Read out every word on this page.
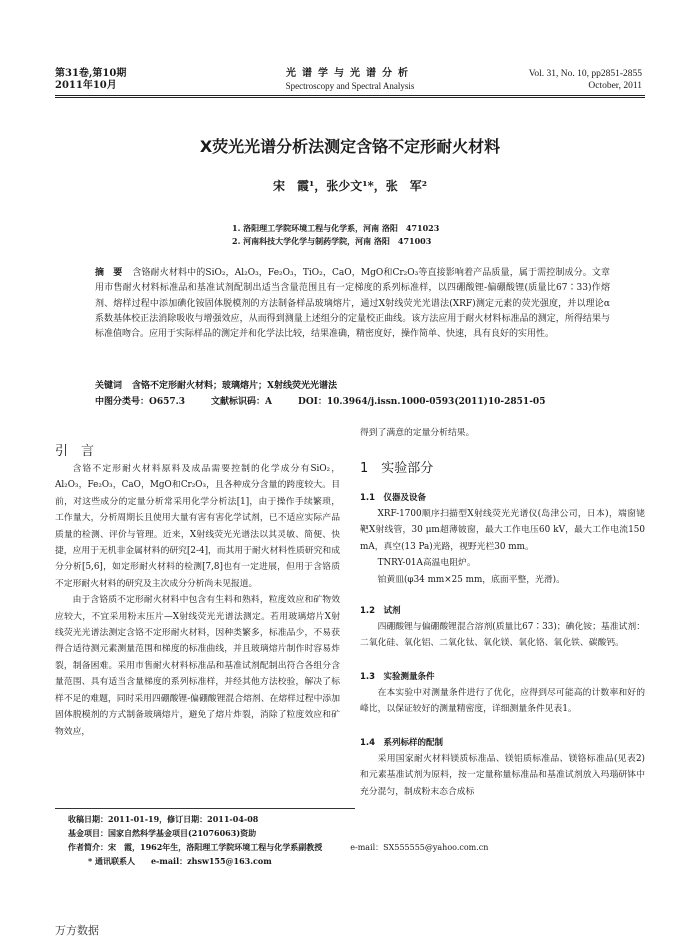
第31卷,第10期
2011年10月
光谱学与光谱分析
Spectroscopy and Spectral Analysis
Vol. 31, No. 10, pp2851-2855
October, 2011
X荧光光谱分析法测定含铬不定形耐火材料
宋　霞¹，张少文¹*，张　军²
1. 洛阳理工学院环境工程与化学系，河南 洛阳　471023
2. 河南科技大学化学与制药学院，河南 洛阳　471003
摘　要 含铬耐火材料中的SiO₂，Al₂O₃，Fe₂O₃，TiO₂，CaO，MgO和Cr₂O₃等直接影响着产品质量，属于需控制成分。文章用市售耐火材料标准品和基准试剂配制出适当含量范围且有一定梯度的系列标准样，以四硼酸锂-偏硼酸锂(质量比67∶33)作熔剂、熔样过程中添加碘化铵固体脱模剂的方法制备样品玻璃熔片，通过X射线荧光光谱法(XRF)测定元素的荧光强度，并以理论α系数基体校正法消除吸收与增强效应，从而得到测量上述组分的定量校正曲线。该方法应用于耐火材料标准品的测定，所得结果与标准值吻合。应用于实际样品的测定并和化学法比较，结果准确，精密度好，操作简单、快速，具有良好的实用性。
关键词 含铬不定形耐火材料；玻璃熔片；X射线荧光光谱法
中图分类号：O657.3	文献标识码：A	DOI：10.3964/j.issn.1000-0593(2011)10-2851-05
引　言

含铬不定形耐火材料原料及成品需要控制的化学成分有SiO₂，Al₂O₃，Fe₂O₃，CaO，MgO和Cr₂O₃，且各种成分含量的跨度较大。目前，对这些成分的定量分析常采用化学分析法[1]，由于操作手续繁琐，工作量大，分析周期长且使用大量有害有害化学试剂，已不适应实际产品质量的检测、评价与管理。近来，X射线荧光光谱法以其灵敏、简便、快捷，应用于无机非金属材料的研究[2-4]，而其用于耐火材料性质研究和成分分析[5,6]，如定形耐火材料的检测[7,8]也有一定进展，但用于含铬质不定形耐火材料的研究及主次成分分析尚未见报道。

由于含铬质不定形耐火材料中包含有生料和熟料，粒度效应和矿物效应较大，不宜采用粉末压片—X射线荧光光谱法测定。若用玻璃熔片X射线荧光光谱法测定含铬不定形耐火材料，因种类繁多，标准品少，不易获得合适待测元素测量范围和梯度的标准曲线，并且玻璃熔片制作时容易炸裂，制备困难。采用市售耐火材料标准品和基准试剂配制出符合各组分含量范围、具有适当含量梯度的系列标准样，并经其他方法校验，解决了标样不足的难题，同时采用四硼酸锂-偏硼酸锂混合熔剂、在熔样过程中添加固体脱模剂的方式制备玻璃熔片，避免了熔片炸裂，消除了粒度效应和矿物效应，

得到了满意的定量分析结果。
1　实验部分
1.1　仪器及设备

XRF-1700顺序扫描型X射线荧光光谱仪(岛津公司，日本)，端窗铑靶X射线管，30 μm超薄铍窗，最大工作电压60 kV，最大工作电流150 mA，真空(13 Pa)光路，视野光栏30 mm。

TNRY-01A高温电阻炉。

铂黄皿(φ34 mm×25 mm，底面平整，光滑)。

1.2　试剂

四硼酸锂与偏硼酸锂混合溶剂(质量比67∶33)；碘化铵；基准试剂：二氧化硅、氧化铝、二氧化钛、氧化镁、氧化铬、氧化铁、碳酸钙。

1.3　实验测量条件

在本实验中对测量条件进行了优化，应得到尽可能高的计数率和好的峰比，以保证较好的测量精密度，详细测量条件见表1。

1.4　系列标样的配制

采用国家耐火材料镁质标准品、镁铝质标准品、镁铬标准品(见表2)和元素基准试剂为原料，按一定量称量标准品和基准试剂放入玛瑙研钵中充分混匀，制成粉末态合成标

收稿日期：2011-01-19，修订日期：2011-04-08
基金项目：国家自然科学基金项目(21076063)资助
作者简介：宋　霞，1962年生，洛阳理工学院环境工程与化学系副教授	e-mail：SX555555@yahoo.com.cn
* 通讯联系人　　e-mail：zhsw155@163.com
万方数据
